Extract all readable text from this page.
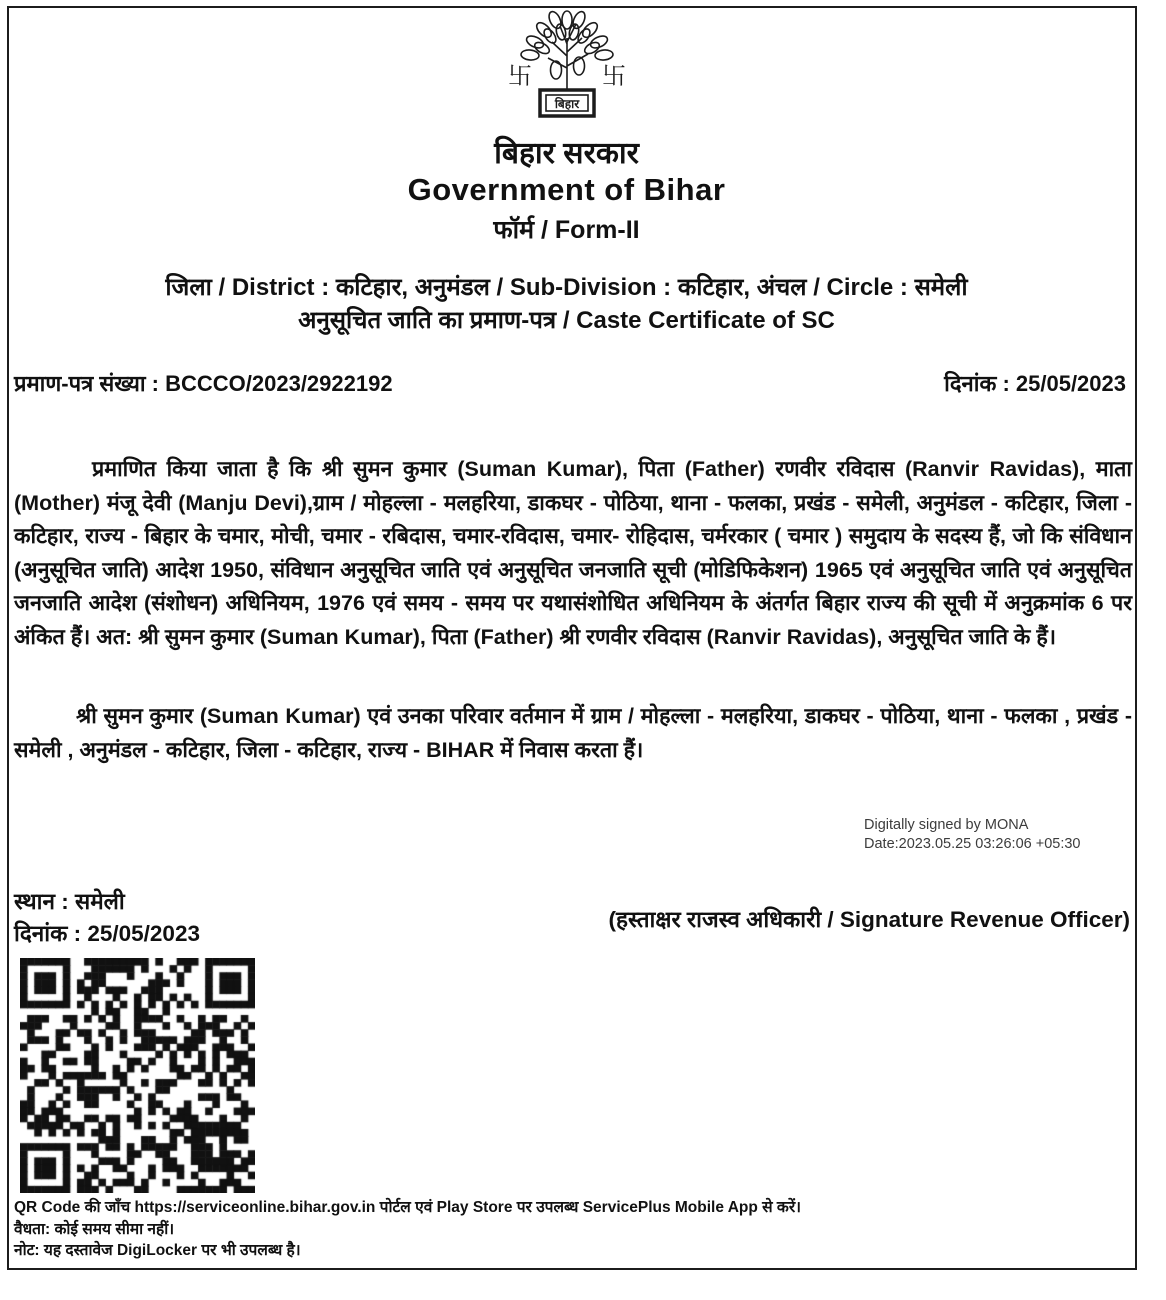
卐	卐
बिहार
बिहार सरकार
Government of Bihar
फॉर्म / Form-II
जिला / District : कटिहार, अनुमंडल / Sub-Division : कटिहार, अंचल / Circle : समेली
अनुसूचित जाति का प्रमाण-पत्र / Caste Certificate of SC
प्रमाण-पत्र संख्या : BCCCO/2023/2922192	दिनांक : 25/05/2023
प्रमाणित किया जाता है कि श्री सुमन कुमार (Suman Kumar), पिता (Father) रणवीर रविदास (Ranvir Ravidas), माता (Mother) मंजू देवी (Manju Devi),ग्राम / मोहल्ला - मलहरिया, डाकघर - पोठिया, थाना - फलका, प्रखंड - समेली, अनुमंडल - कटिहार, जिला - कटिहार, राज्य - बिहार के चमार, मोची, चमार - रबिदास, चमार-रविदास, चमार- रोहिदास, चर्मरकार ( चमार ) समुदाय के सदस्य हैं, जो कि संविधान (अनुसूचित जाति) आदेश 1950, संविधान अनुसूचित जाति एवं अनुसूचित जनजाति सूची (मोडिफिकेशन) 1965 एवं अनुसूचित जाति एवं अनुसूचित जनजाति आदेश (संशोधन) अधिनियम, 1976 एवं समय - समय पर यथासंशोधित अधिनियम के अंतर्गत बिहार राज्य की सूची में अनुक्रमांक 6 पर अंकित हैं। अत: श्री सुमन कुमार (Suman Kumar), पिता (Father) श्री रणवीर रविदास (Ranvir Ravidas), अनुसूचित जाति के हैं।
श्री सुमन कुमार (Suman Kumar) एवं उनका परिवार वर्तमान में ग्राम / मोहल्ला - मलहरिया, डाकघर - पोठिया, थाना - फलका , प्रखंड - समेली , अनुमंडल - कटिहार, जिला - कटिहार, राज्य - BIHAR में निवास करता हैं।
Digitally signed by MONA
Date:2023.05.25 03:26:06 +05:30
स्थान : समेली
दिनांक : 25/05/2023
(हस्ताक्षर राजस्व अधिकारी / Signature Revenue Officer)
QR Code की जाँच https://serviceonline.bihar.gov.in पोर्टल एवं Play Store पर उपलब्ध ServicePlus Mobile App से करें।
वैधता: कोई समय सीमा नहीं।
नोट: यह दस्तावेज DigiLocker पर भी उपलब्ध है।
